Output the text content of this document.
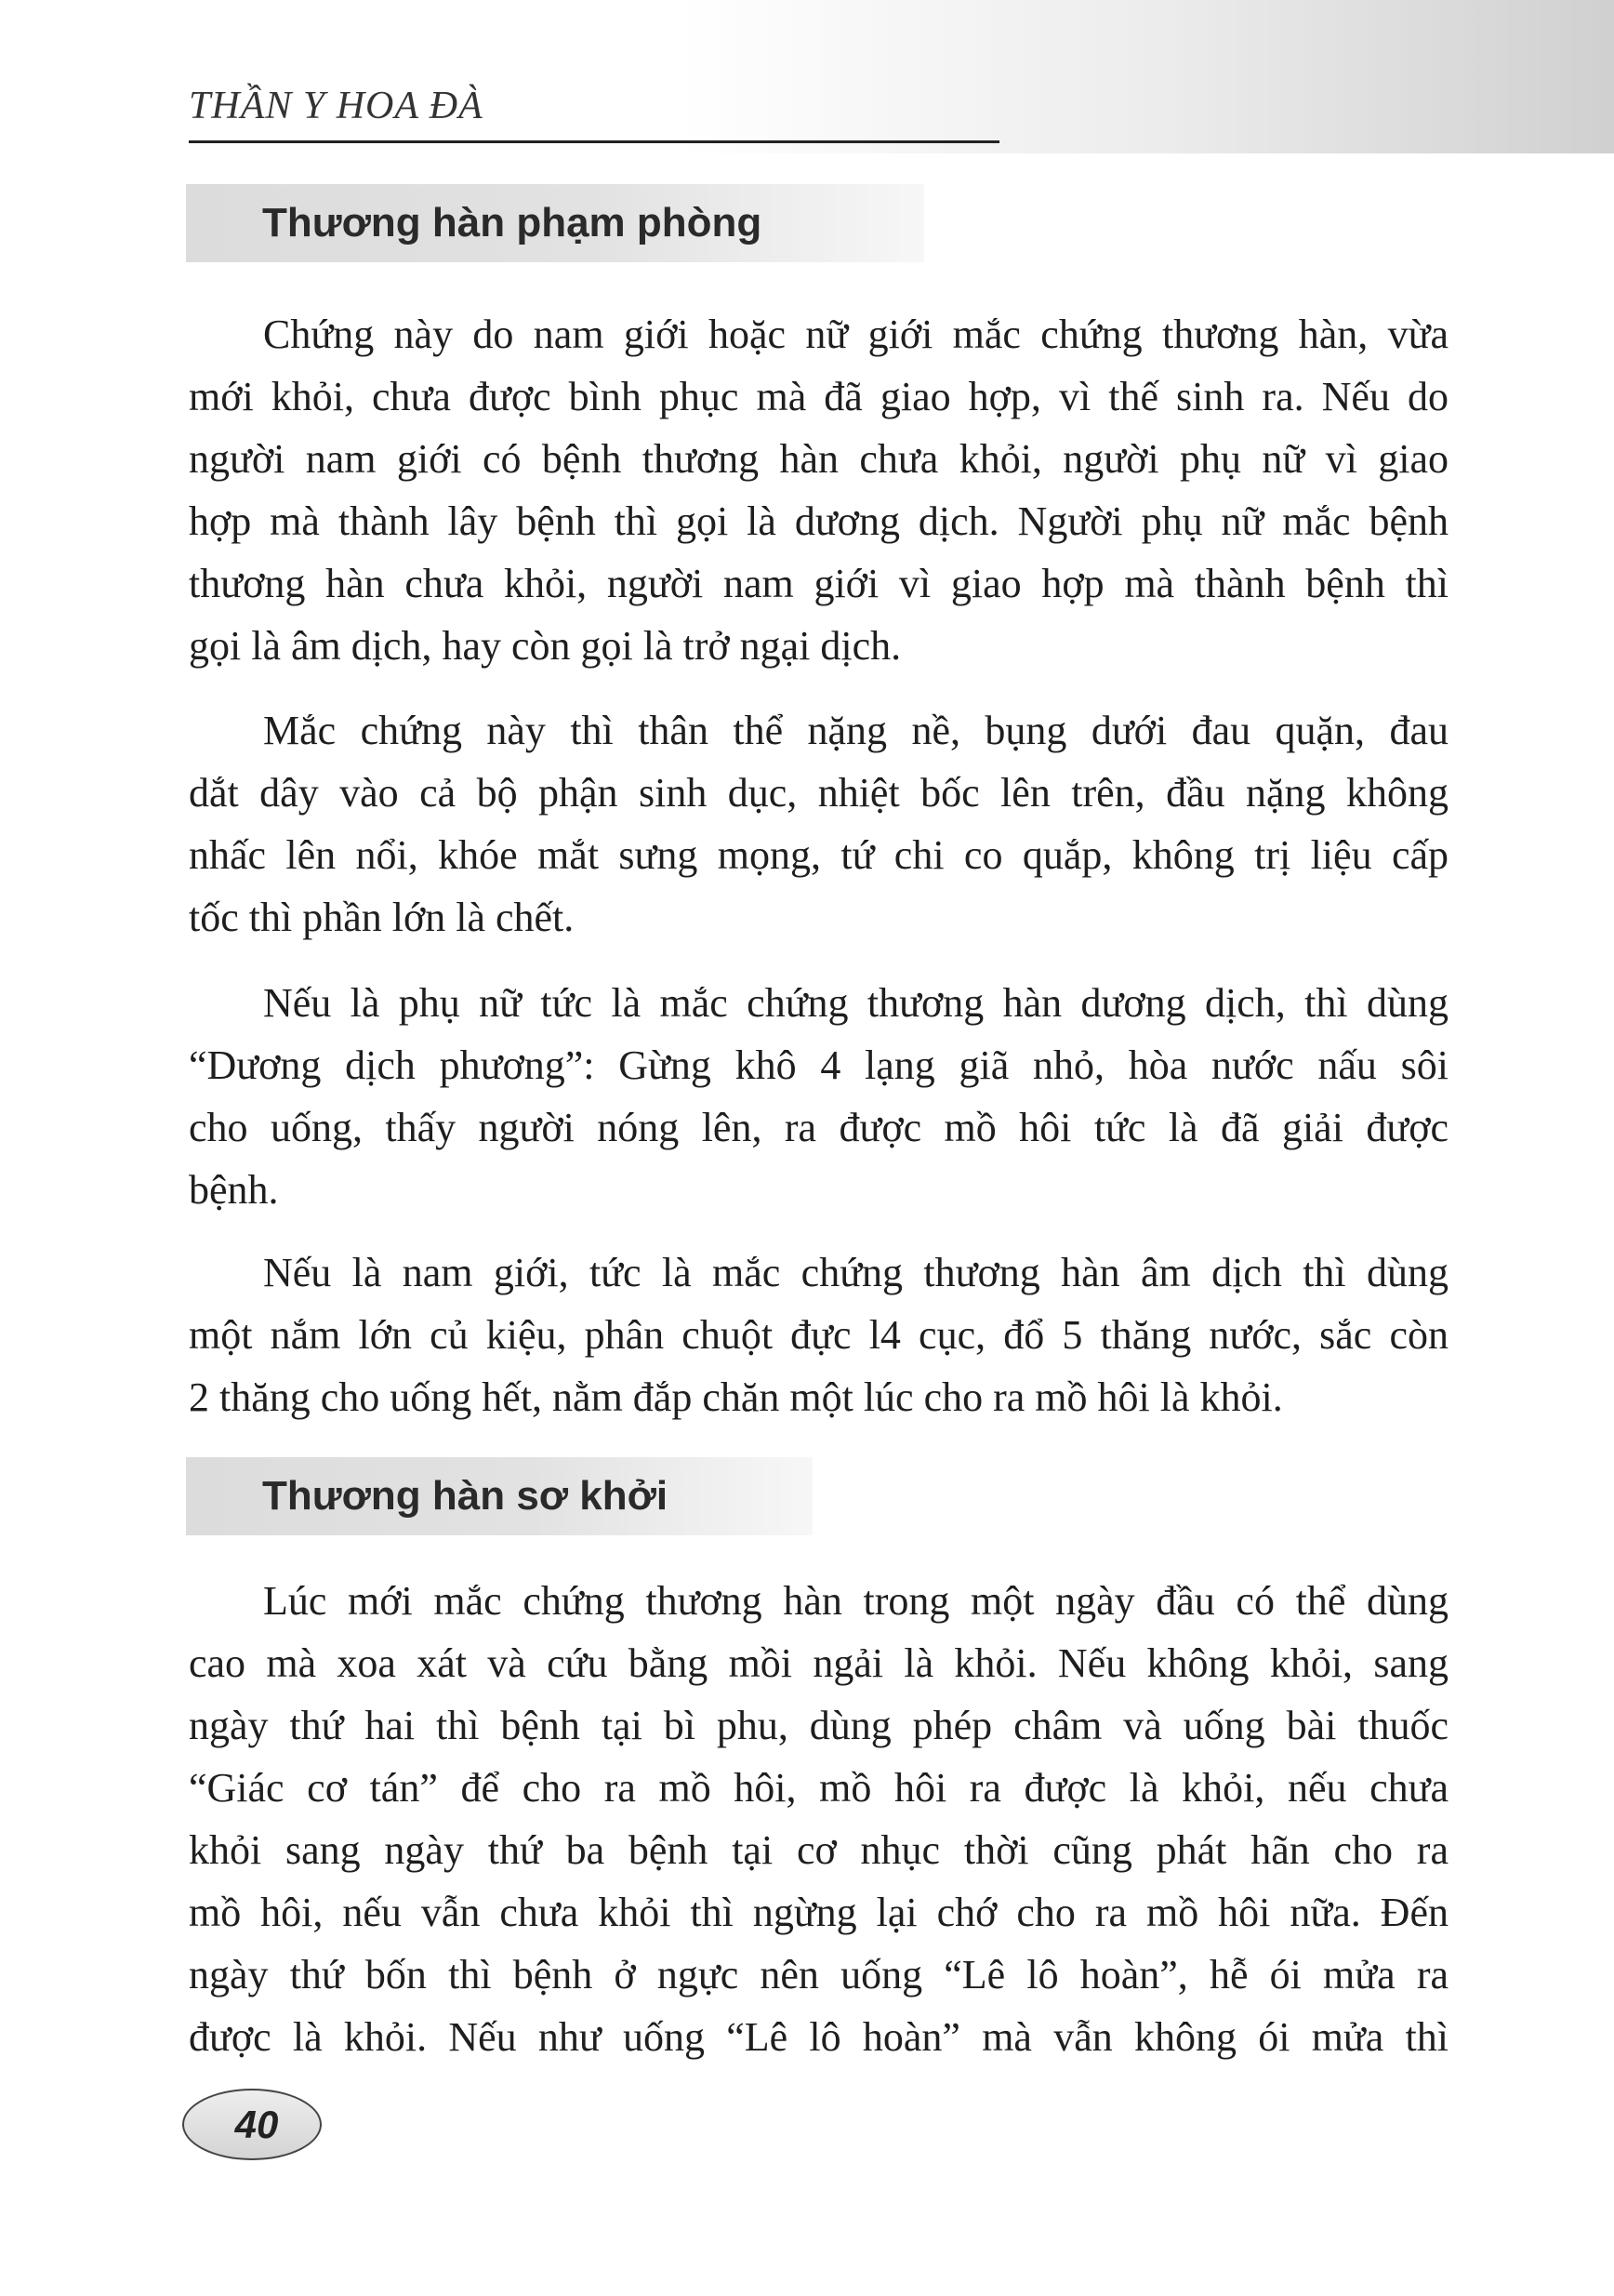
THẦN Y HOA ĐÀ
Thương hàn phạm phòng
Chứng này do nam giới hoặc nữ giới mắc chứng thương hàn, vừa
mới khỏi, chưa được bình phục mà đã giao hợp, vì thế sinh ra. Nếu do
người nam giới có bệnh thương hàn chưa khỏi, người phụ nữ vì giao
hợp mà thành lây bệnh thì gọi là dương dịch. Người phụ nữ mắc bệnh
thương hàn chưa khỏi, người nam giới vì giao hợp mà thành bệnh thì
gọi là âm dịch, hay còn gọi là trở ngại dịch.
Mắc chứng này thì thân thể nặng nề, bụng dưới đau quặn, đau
dắt dây vào cả bộ phận sinh dục, nhiệt bốc lên trên, đầu nặng không
nhấc lên nổi, khóe mắt sưng mọng, tứ chi co quắp, không trị liệu cấp
tốc thì phần lớn là chết.
Nếu là phụ nữ tức là mắc chứng thương hàn dương dịch, thì dùng
“Dương dịch phương”: Gừng khô 4 lạng giã nhỏ, hòa nước nấu sôi
cho uống, thấy người nóng lên, ra được mồ hôi tức là đã giải được
bệnh.
Nếu là nam giới, tức là mắc chứng thương hàn âm dịch thì dùng
một nắm lớn củ kiệu, phân chuột đực l4 cục, đổ 5 thăng nước, sắc còn
2 thăng cho uống hết, nằm đắp chăn một lúc cho ra mồ hôi là khỏi.
Thương hàn sơ khởi
Lúc mới mắc chứng thương hàn trong một ngày đầu có thể dùng
cao mà xoa xát và cứu bằng mồi ngải là khỏi. Nếu không khỏi, sang
ngày thứ hai thì bệnh tại bì phu, dùng phép châm và uống bài thuốc
“Giác cơ tán” để cho ra mồ hôi, mồ hôi ra được là khỏi, nếu chưa
khỏi sang ngày thứ ba bệnh tại cơ nhục thời cũng phát hãn cho ra
mồ hôi, nếu vẫn chưa khỏi thì ngừng lại chớ cho ra mồ hôi nữa. Đến
ngày thứ bốn thì bệnh ở ngực nên uống “Lê lô hoàn”, hễ ói mửa ra
được là khỏi. Nếu như uống “Lê lô hoàn” mà vẫn không ói mửa thì
40
